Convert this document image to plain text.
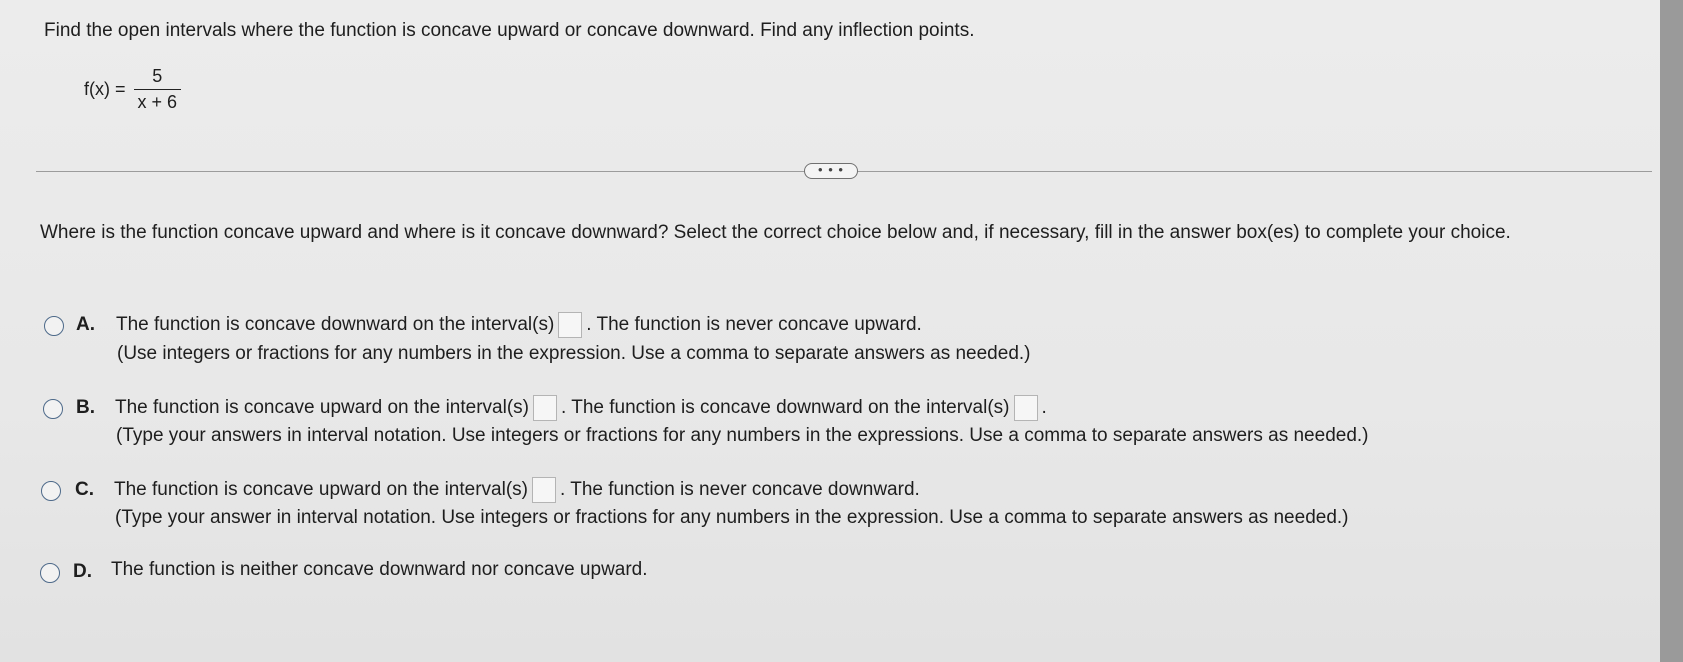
Find the open intervals where the function is concave upward or concave downward. Find any inflection points.
$f(x) = \frac{5}{x + 6}$
• • •
Where is the function concave upward and where is it concave downward? Select the correct choice below and, if necessary, fill in the answer box(es) to complete your choice.
A. The function is concave downward on the interval(s) . The function is never concave upward.
(Use integers or fractions for any numbers in the expression. Use a comma to separate answers as needed.)
B. The function is concave upward on the interval(s) . The function is concave downward on the interval(s) .
(Type your answers in interval notation. Use integers or fractions for any numbers in the expressions. Use a comma to separate answers as needed.)
C. The function is concave upward on the interval(s) . The function is never concave downward.
(Type your answer in interval notation. Use integers or fractions for any numbers in the expression. Use a comma to separate answers as needed.)
D. The function is neither concave downward nor concave upward.
